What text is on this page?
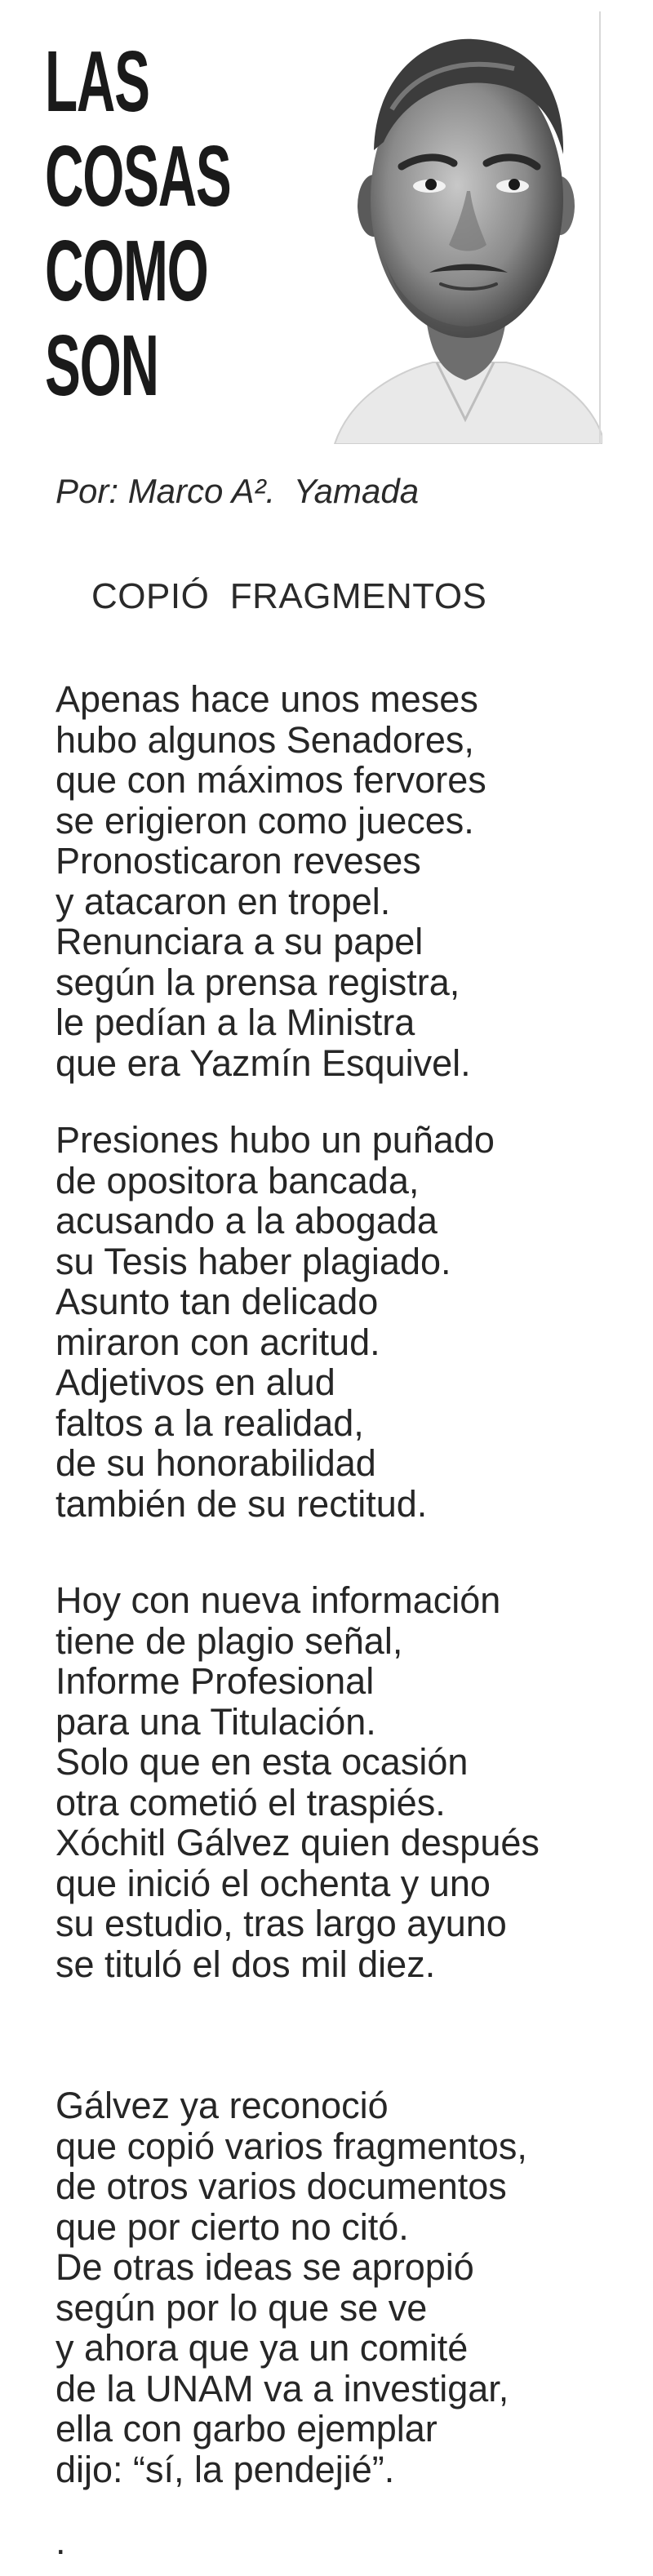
LAS
COSAS
COMO
SON
Por: Marco A².  Yamada
COPIÓ  FRAGMENTOS
Apenas hace unos meses
hubo algunos Senadores,
que con máximos fervores
se erigieron como jueces.
Pronosticaron reveses
y atacaron en tropel.
Renunciara a su papel
según la prensa registra,
le pedían a la Ministra
que era Yazmín Esquivel.
Presiones hubo un puñado
de opositora bancada,
acusando a la abogada
su Tesis haber plagiado.
Asunto tan delicado
miraron con acritud.
Adjetivos en alud
faltos a la realidad,
de su honorabilidad
también de su rectitud.
Hoy con nueva información
tiene de plagio señal,
Informe Profesional
para una Titulación.
Solo que en esta ocasión
otra cometió el traspiés.
Xóchitl Gálvez quien después
que inició el ochenta y uno
su estudio, tras largo ayuno
se tituló el dos mil diez.
Gálvez ya reconoció
que copió varios fragmentos,
de otros varios documentos
que por cierto no citó.
De otras ideas se apropió
según por lo que se ve
y ahora que ya un comité
de la UNAM va a investigar,
ella con garbo ejemplar
dijo: “sí, la pendejié”.
.
